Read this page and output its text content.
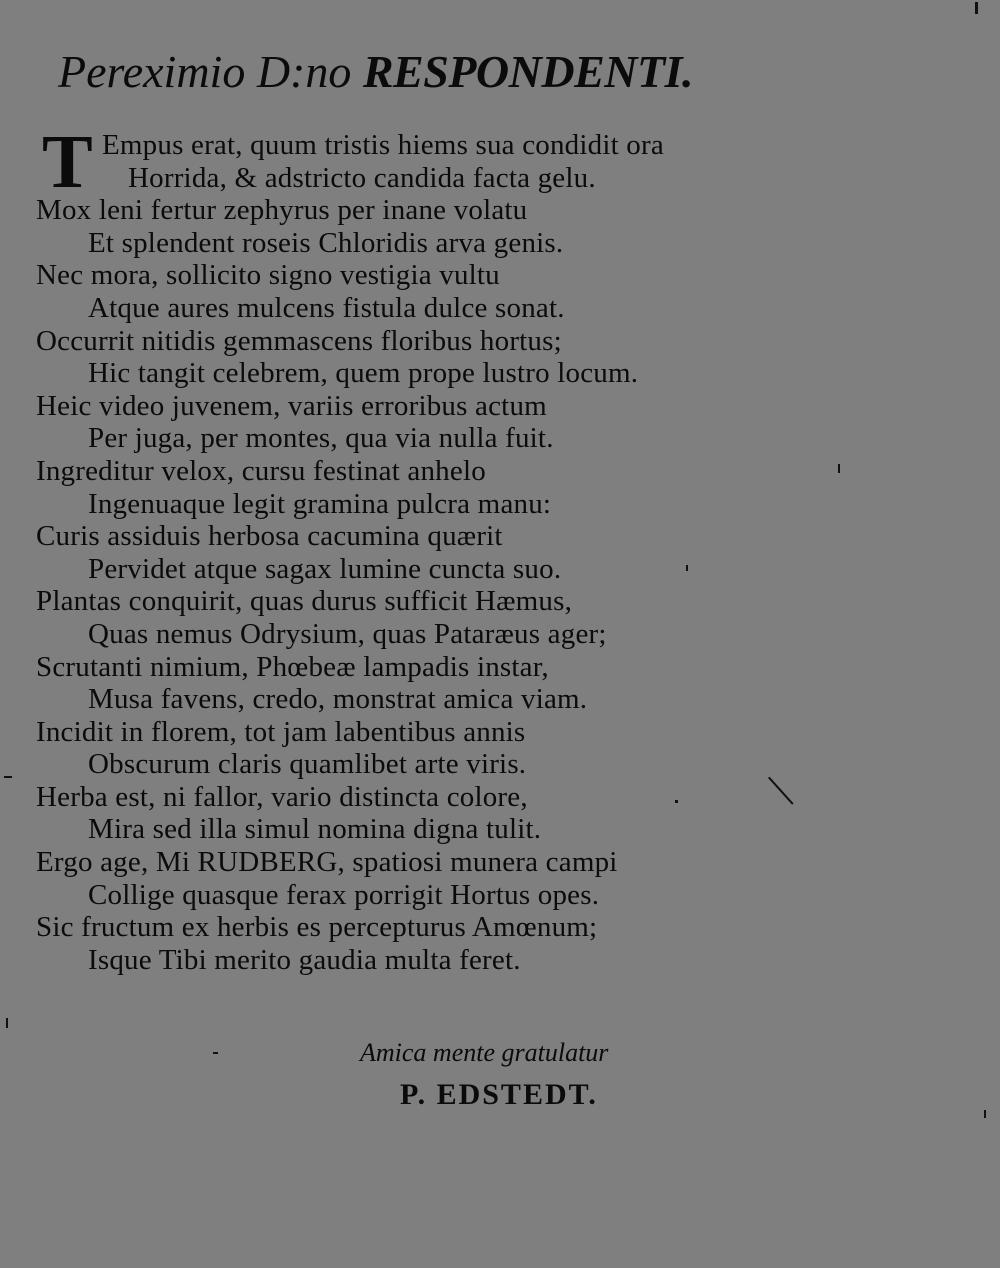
Pereximio D:no RESPONDENTI.
T Empus erat, quum tristis hiems sua condidit ora
Horrida, & adstricto candida facta gelu.
Mox leni fertur zephyrus per inane volatu
Et splendent roseis Chloridis arva genis.
Nec mora, sollicito signo vestigia vultu
Atque aures mulcens fistula dulce sonat.
Occurrit nitidis gemmascens floribus hortus;
Hic tangit celebrem, quem prope lustro locum.
Heic video juvenem, variis erroribus actum
Per juga, per montes, qua via nulla fuit.
Ingreditur velox, cursu festinat anhelo
Ingenuaque legit gramina pulcra manu:
Curis assiduis herbosa cacumina quærit
Pervidet atque sagax lumine cuncta suo.
Plantas conquirit, quas durus sufficit Hæmus,
Quas nemus Odrysium, quas Pataræus ager;
Scrutanti nimium, Phœbeæ lampadis instar,
Musa favens, credo, monstrat amica viam.
Incidit in florem, tot jam labentibus annis
Obscurum claris quamlibet arte viris.
Herba est, ni fallor, vario distincta colore,
Mira sed illa simul nomina digna tulit.
Ergo age, Mi RUDBERG, spatiosi munera campi
Collige quasque ferax porrigit Hortus opes.
Sic fructum ex herbis es percepturus Amœnum;
Isque Tibi merito gaudia multa feret.
Amica mente gratulatur
P. EDSTEDT.
